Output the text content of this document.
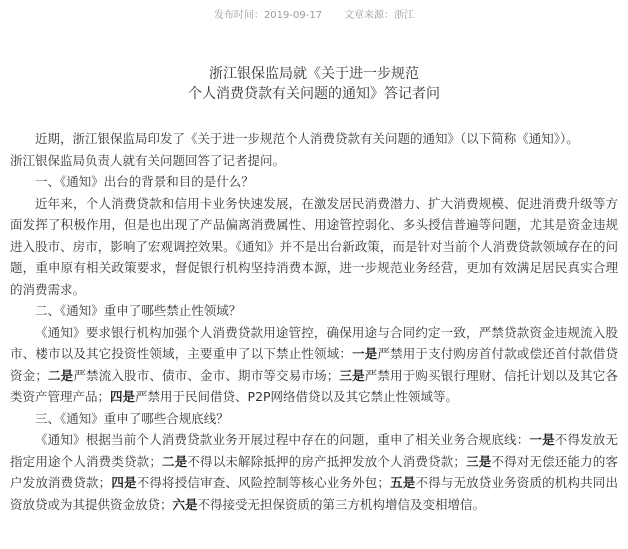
发布时间：2019-09-17 文章来源：浙江
浙江银保监局就《关于进一步规范
个人消费贷款有关问题的通知》答记者问

近期，浙江银保监局印发了《关于进一步规范个人消费贷款有关问题的通知》（以下简称《通知》）。

浙江银保监局负责人就有关问题回答了记者提问。

一、《通知》出台的背景和目的是什么？

近年来，个人消费贷款和信用卡业务快速发展，在激发居民消费潜力、扩大消费规模、促进消费升级等方面发挥了积极作用，但是也出现了产品偏离消费属性、用途管控弱化、多头授信普遍等问题，尤其是资金违规进入股市、房市，影响了宏观调控效果。《通知》并不是出台新政策，而是针对当前个人消费贷款领域存在的问题，重申原有相关政策要求，督促银行机构坚持消费本源，进一步规范业务经营，更加有效满足居民真实合理的消费需求。

二、《通知》重申了哪些禁止性领域？

《通知》要求银行机构加强个人消费贷款用途管控，确保用途与合同约定一致，严禁贷款资金违规流入股市、楼市以及其它投资性领域，主要重申了以下禁止性领域：一是严禁用于支付购房首付款或偿还首付款借贷资金；二是严禁流入股市、债市、金市、期市等交易市场；三是严禁用于购买银行理财、信托计划以及其它各类资产管理产品；四是严禁用于民间借贷、P2P网络借贷以及其它禁止性领域等。

三、《通知》重申了哪些合规底线？

《通知》根据当前个人消费贷款业务开展过程中存在的问题，重申了相关业务合规底线：一是不得发放无指定用途个人消费类贷款；二是不得以未解除抵押的房产抵押发放个人消费贷款；三是不得对无偿还能力的客户发放消费贷款；四是不得将授信审查、风险控制等核心业务外包；五是不得与无放贷业务资质的机构共同出资放贷或为其提供资金放贷；六是不得接受无担保资质的第三方机构增信及变相增信。
